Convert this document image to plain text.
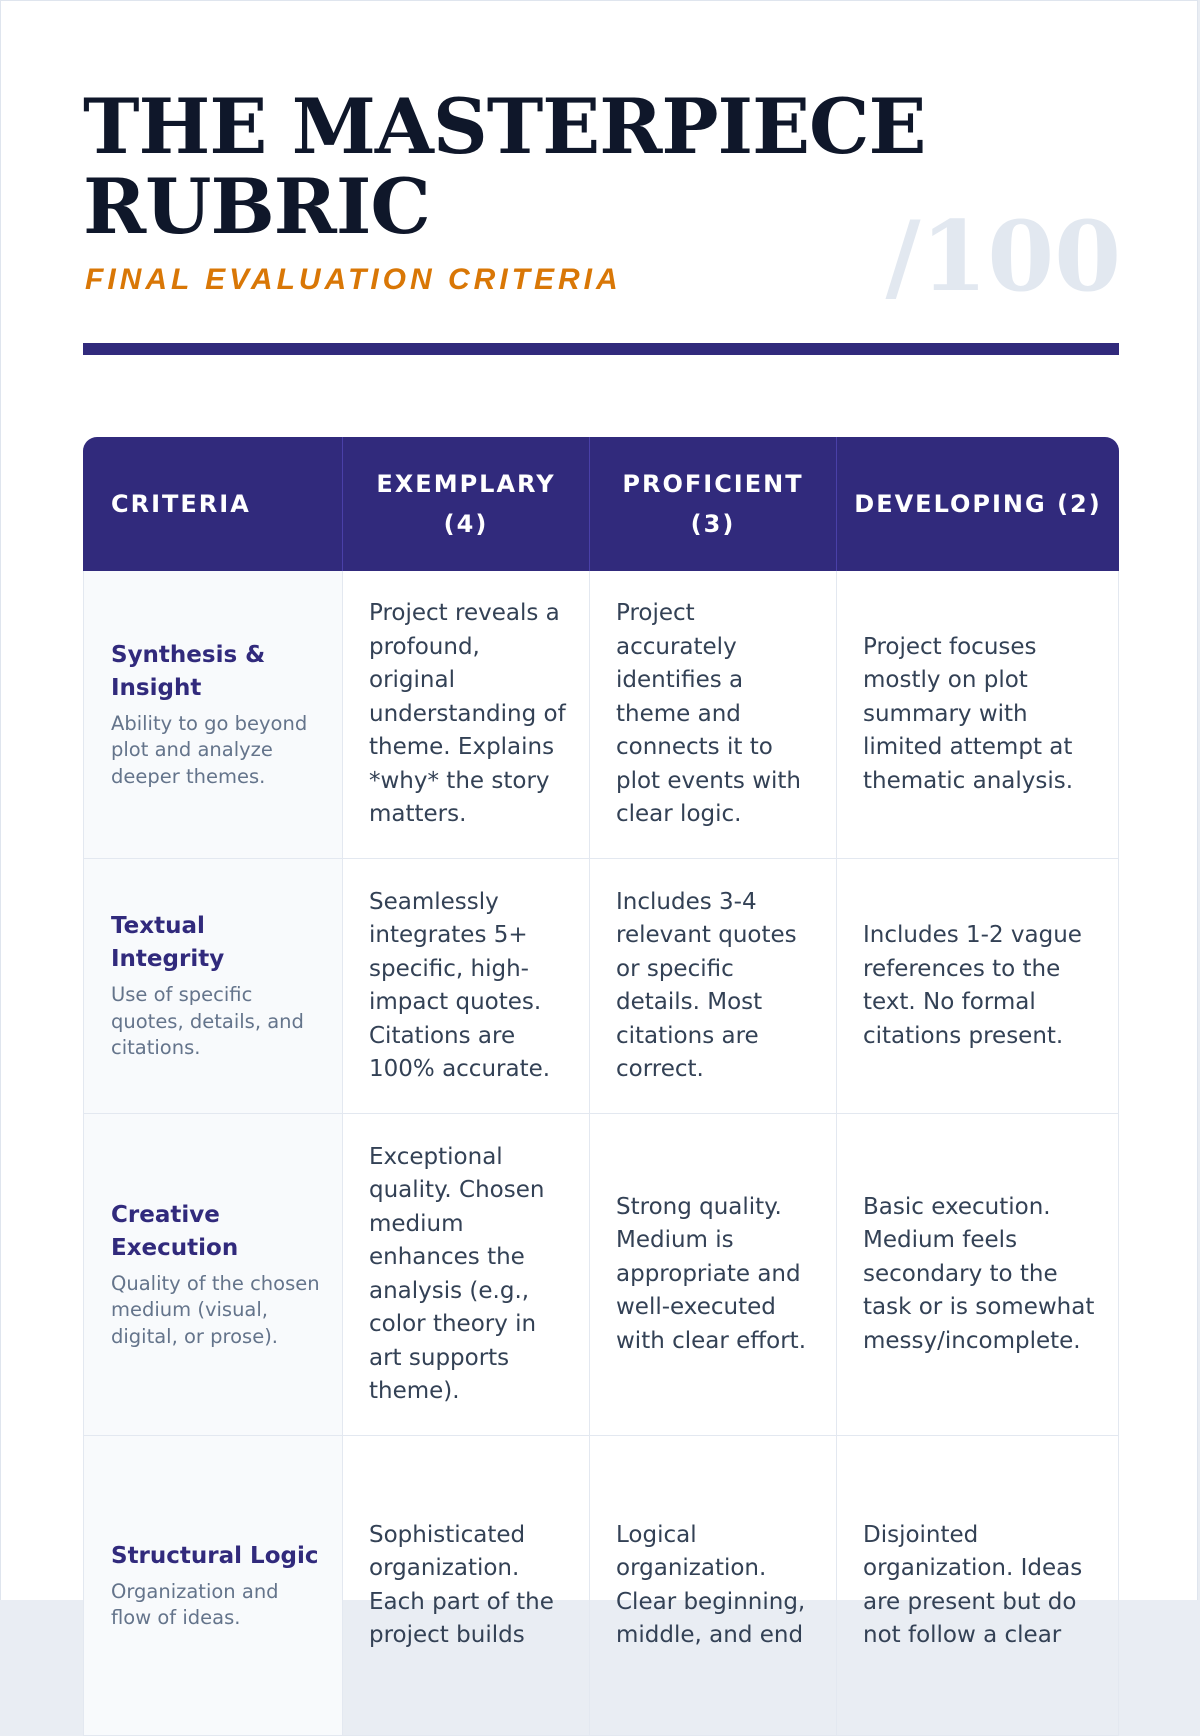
THE MASTERPIECE RUBRIC
FINAL EVALUATION CRITERIA	/100
CRITERIA	EXEMPLARY (4)	PROFICIENT (3)	DEVELOPING (2)

Synthesis & Insight
Ability to go beyond plot and analyze deeper themes.	Project reveals a profound, original understanding of theme. Explains *why* the story matters.	Project accurately identifies a theme and connects it to plot events with clear logic.	Project focuses mostly on plot summary with limited attempt at thematic analysis.

Textual Integrity
Use of specific quotes, details, and citations.	Seamlessly integrates 5+ specific, high-impact quotes. Citations are 100% accurate.	Includes 3-4 relevant quotes or specific details. Most citations are correct.	Includes 1-2 vague references to the text. No formal citations present.

Creative Execution
Quality of the chosen medium (visual, digital, or prose).	Exceptional quality. Chosen medium enhances the analysis (e.g., color theory in art supports theme).	Strong quality. Medium is appropriate and well-executed with clear effort.	Basic execution. Medium feels secondary to the task or is somewhat messy/incomplete.

Structural Logic
Organization and flow of ideas.	Sophisticated organization. Each part of the project builds	Logical organization. Clear beginning, middle, and end	Disjointed organization. Ideas are present but do not follow a clear
